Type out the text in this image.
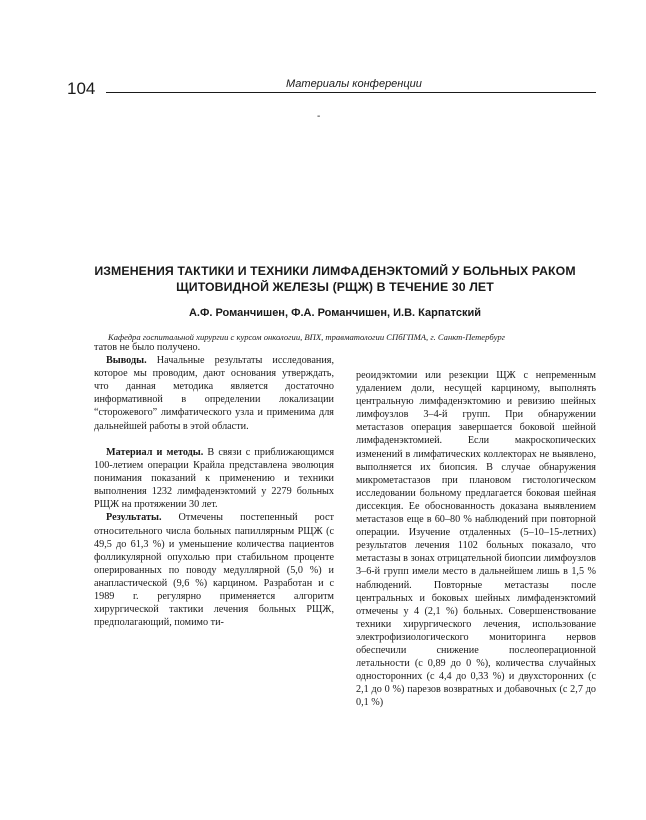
104	Материалы конференции
-
ИЗМЕНЕНИЯ ТАКТИКИ И ТЕХНИКИ ЛИМФАДЕНЭКТОМИЙ У БОЛЬНЫХ РАКОМ
ЩИТОВИДНОЙ ЖЕЛЕЗЫ (РЩЖ) В ТЕЧЕНИЕ 30 ЛЕТ
А.Ф. Романчишен, Ф.А. Романчишен, И.В. Карпатский
Кафедра госпитальной хирургии с курсом онкологии, ВПХ, травматологии СПбГПМА, г. Санкт-Петербург

татов не было получено.

Выводы. Начальные результаты исследования, которое мы проводим, дают основания утверждать, что данная методика является достаточно информативной в определении локализации “сторожевого” лимфатического узла и применима для дальнейшей работы в этой области.

Материал и методы. В связи с приближающимся 100-летием операции Крайла представлена эволюция понимания показаний к применению и техники выполнения 1232 лимфаденэктомий у 2279 больных РЩЖ на протяжении 30 лет.

Результаты. Отмечены постепенный рост относительного числа больных папиллярным РЩЖ (с 49,5 до 61,3 %) и уменьшение количества пациентов фолликулярной опухолью при стабильном проценте оперированных по поводу медуллярной (5,0 %) и анапластической (9,6 %) карцином. Разработан и с 1989 г. регулярно применяется алгоритм хирургической тактики лечения больных РЩЖ, предполагающий, помимо ти-

реоидэктомии или резекции ЩЖ с непременным удалением доли, несущей карциному, выполнять центральную лимфаденэктомию и ревизию шейных лимфоузлов 3–4-й групп. При обнаружении метастазов операция завершается боковой шейной лимфаденэктомией. Если макроскопических изменений в лимфатических коллекторах не выявлено, выполняется их биопсия. В случае обнаружения микрометастазов при плановом гистологическом исследовании больному предлагается боковая шейная диссекция. Ее обоснованность доказана выявлением метастазов еще в 60–80 % наблюдений при повторной операции. Изучение отдаленных (5–10–15-летних) результатов лечения 1102 больных показало, что метастазы в зонах отрицательной биопсии лимфоузлов 3–6-й групп имели место в дальнейшем лишь в 1,5 % наблюдений. Повторные метастазы после центральных и боковых шейных лимфаденэктомий отмечены у 4 (2,1 %) больных. Совершенствование техники хирургического лечения, использование электрофизиологического мониторинга нервов обеспечили снижение послеоперационной летальности (с 0,89 до 0 %), количества случайных односторонних (с 4,4 до 0,33 %) и двухсторонних (с 2,1 до 0 %) парезов возвратных и добавочных (с 2,7 до 0,1 %)
